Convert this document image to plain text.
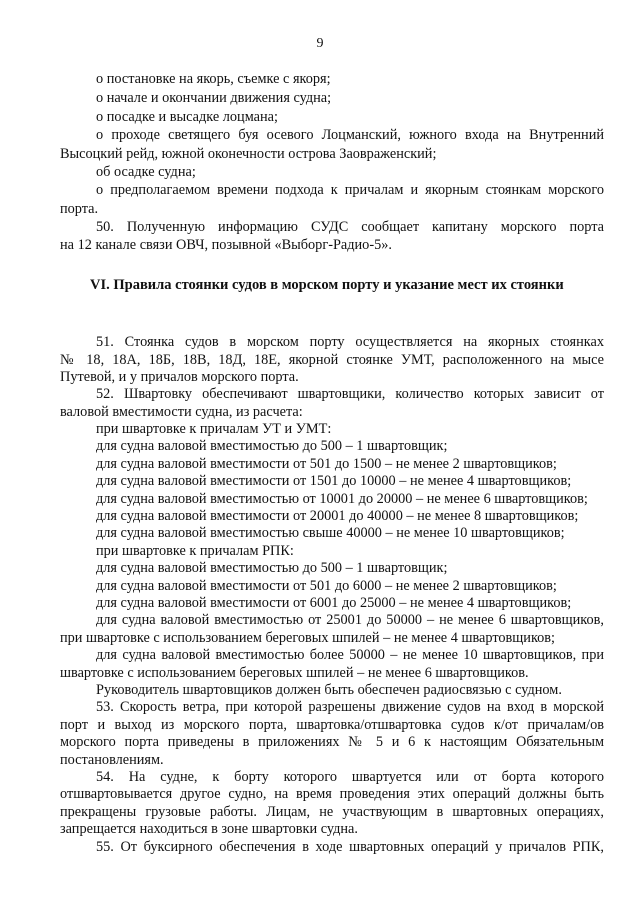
9
о постановке на якорь, съемке с якоря;
о начале и окончании движения судна;
о посадке и высадке лоцмана;
о проходе светящего буя осевого Лоцманский, южного входа на Внутренний
Высоцкий рейд, южной оконечности острова Заовраженский;
об осадке судна;
о предполагаемом времени подхода к причалам и якорным стоянкам морского
порта.
50. Полученную информацию СУДС сообщает капитану морского порта
на 12 канале связи ОВЧ, позывной «Выборг-Радио-5».
VI. Правила стоянки судов в морском порту и указание мест их стоянки
51. Стоянка судов в морском порту осуществляется на якорных стоянках
№ 18, 18А, 18Б, 18В, 18Д, 18Е, якорной стоянке УМТ, расположенного на мысе
Путевой, и у причалов морского порта.
52. Швартовку обеспечивают швартовщики, количество которых зависит от
валовой вместимости судна, из расчета:
при швартовке к причалам УТ и УМТ:
для судна валовой вместимостью до 500 – 1 швартовщик;
для судна валовой вместимости от 501 до 1500 – не менее 2 швартовщиков;
для судна валовой вместимости от 1501 до 10000 – не менее 4 швартовщиков;
для судна валовой вместимостью от 10001 до 20000 – не менее 6 швартовщиков;
для судна валовой вместимости от 20001 до 40000 – не менее 8 швартовщиков;
для судна валовой вместимостью свыше 40000 – не менее 10 швартовщиков;
при швартовке к причалам РПК:
для судна валовой вместимостью до 500 – 1 швартовщик;
для судна валовой вместимости от 501 до 6000 – не менее 2 швартовщиков;
для судна валовой вместимости от 6001 до 25000 – не менее 4 швартовщиков;
для судна валовой вместимостью от 25001 до 50000 – не менее 6 швартовщиков,
при швартовке с использованием береговых шпилей – не менее 4 швартовщиков;
для судна валовой вместимостью более 50000 – не менее 10 швартовщиков, при
швартовке с использованием береговых шпилей – не менее 6 швартовщиков.
Руководитель швартовщиков должен быть обеспечен радиосвязью с судном.
53. Скорость ветра, при которой разрешены движение судов на вход в морской
порт и выход из морского порта, швартовка/отшвартовка судов к/от причалам/ов
морского порта приведены в приложениях № 5 и 6 к настоящим Обязательным
постановлениям.
54. На судне, к борту которого швартуется или от борта которого
отшвартовывается другое судно, на время проведения этих операций должны быть
прекращены грузовые работы. Лицам, не участвующим в швартовных операциях,
запрещается находиться в зоне швартовки судна.
55. От буксирного обеспечения в ходе швартовных операций у причалов РПК,
